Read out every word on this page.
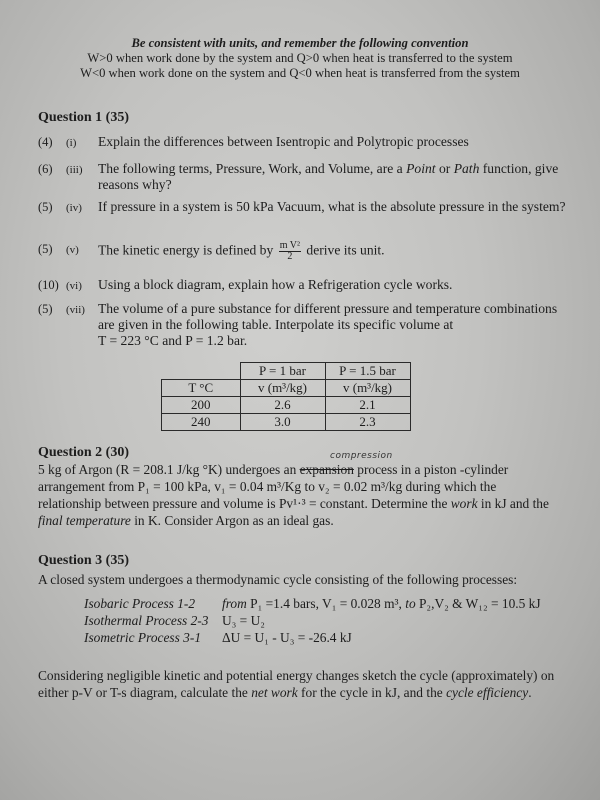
Be consistent with units, and remember the following convention
W>0 when work done by the system and Q>0 when heat is transferred to the system
W<0 when work done on the system and Q<0 when heat is transferred from the system
Question 1 (35)
(4) (i) Explain the differences between Isentropic and Polytropic processes
(6) (iii) The following terms, Pressure, Work, and Volume, are a Point or Path function, give reasons why?
(5) (iv) If pressure in a system is 50 kPa Vacuum, what is the absolute pressure in the system?
(5) (v) The kinetic energy is defined by $\frac{\text{m V²}}{2}$ derive its unit.
(10) (vi) Using a block diagram, explain how a Refrigeration cycle works.
(5) (vii) The volume of a pure substance for different pressure and temperature combinations
are given in the following table. Interpolate its specific volume at
T = 223 °C and P = 1.2 bar.
	P = 1 bar	P = 1.5 bar
T °C	v (m³/kg)	v (m³/kg)
200	2.6	2.1
240	3.0	2.3
Question 2 (30)	compression
5 kg of Argon (R = 208.1 J/kg °K) undergoes an expansion process in a piston -cylinder
arrangement from P₁ = 100 kPa, v₁ = 0.04 m³/Kg to v₂ = 0.02 m³/kg during which the
relationship between pressure and volume is Pv¹·³ = constant. Determine the work in kJ and the
final temperature in K. Consider Argon as an ideal gas.
Question 3 (35)
A closed system undergoes a thermodynamic cycle consisting of the following processes:
Isobaric Process 1-2 from P₁ =1.4 bars, V₁ = 0.028 m³, to P₂,V₂ & W₁₂ = 10.5 kJ
Isothermal Process 2-3 U₃ = U₂
Isometric Process 3-1 ΔU = U₁ - U₃ = -26.4 kJ
Considering negligible kinetic and potential energy changes sketch the cycle (approximately) on
either p-V or T-s diagram, calculate the net work for the cycle in kJ, and the cycle efficiency.
